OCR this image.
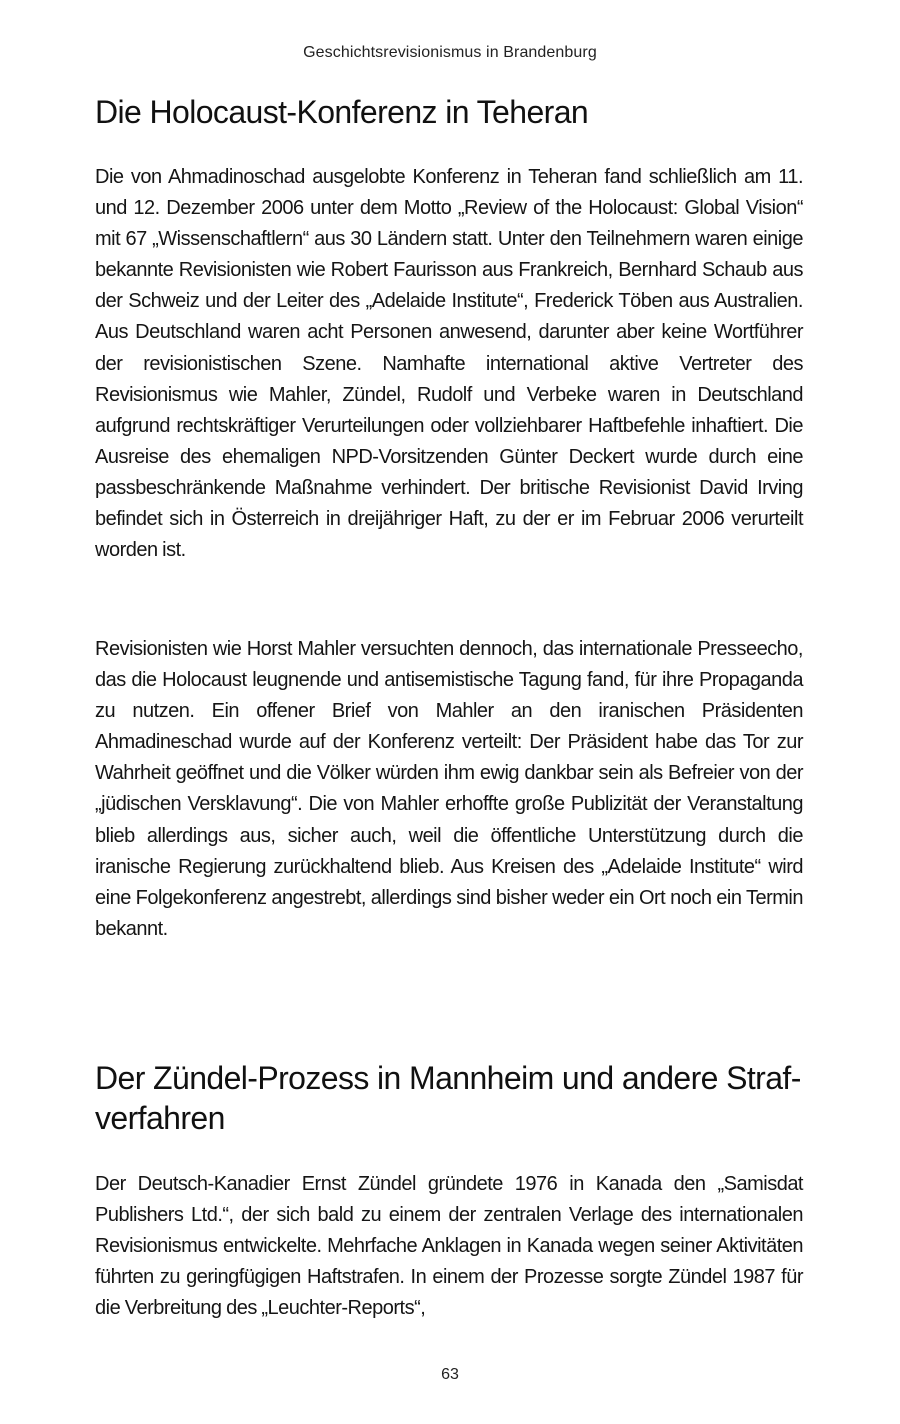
Geschichtsrevisionismus in Brandenburg
Die Holocaust-Konferenz in Teheran

Die von Ahmadinoschad ausgelobte Konferenz in Teheran fand schließlich am 11. und 12. Dezember 2006 unter dem Motto „Review of the Holocaust: Global Vision“ mit 67 „Wissenschaftlern“ aus 30 Ländern statt. Unter den Teilnehmern waren einige bekannte Revisionisten wie Robert Faurisson aus Frankreich, Bernhard Schaub aus der Schweiz und der Leiter des „Adelaide Institute“, Frederick Töben aus Australien. Aus Deutschland waren acht Personen anwesend, darunter aber keine Wortführer der revisionistischen Szene. Namhafte international aktive Vertreter des Revisionismus wie Mahler, Zündel, Rudolf und Verbeke waren in Deutschland aufgrund rechtskräftiger Verurteilungen oder vollziehbarer Haftbefehle inhaftiert. Die Ausreise des ehemaligen NPD-Vorsitzenden Günter Deckert wurde durch eine passbeschränkende Maßnahme verhindert. Der britische Revisionist David Irving befindet sich in Österreich in dreijähriger Haft, zu der er im Februar 2006 verurteilt worden ist.

Revisionisten wie Horst Mahler versuchten dennoch, das internationale Presseecho, das die Holocaust leugnende und antisemistische Tagung fand, für ihre Propaganda zu nutzen. Ein offener Brief von Mahler an den iranischen Präsidenten Ahmadineschad wurde auf der Konferenz verteilt: Der Präsident habe das Tor zur Wahrheit geöffnet und die Völker würden ihm ewig dankbar sein als Befreier von der „jüdischen Versklavung“. Die von Mahler erhoffte große Publizität der Veranstaltung blieb allerdings aus, sicher auch, weil die öffentliche Unterstützung durch die iranische Regierung zurückhaltend blieb. Aus Kreisen des „Adelaide Institute“ wird eine Folgekonferenz angestrebt, allerdings sind bisher weder ein Ort noch ein Termin bekannt.

Der Zündel-Prozess in Mannheim und andere Strafverfahren

Der Deutsch-Kanadier Ernst Zündel gründete 1976 in Kanada den „Samisdat Publishers Ltd.“, der sich bald zu einem der zentralen Verlage des internationalen Revisionismus entwickelte. Mehrfache Anklagen in Kanada wegen seiner Aktivitäten führten zu geringfügigen Haftstrafen. In einem der Prozesse sorgte Zündel 1987 für die Verbreitung des „Leuchter-Reports“,

63
